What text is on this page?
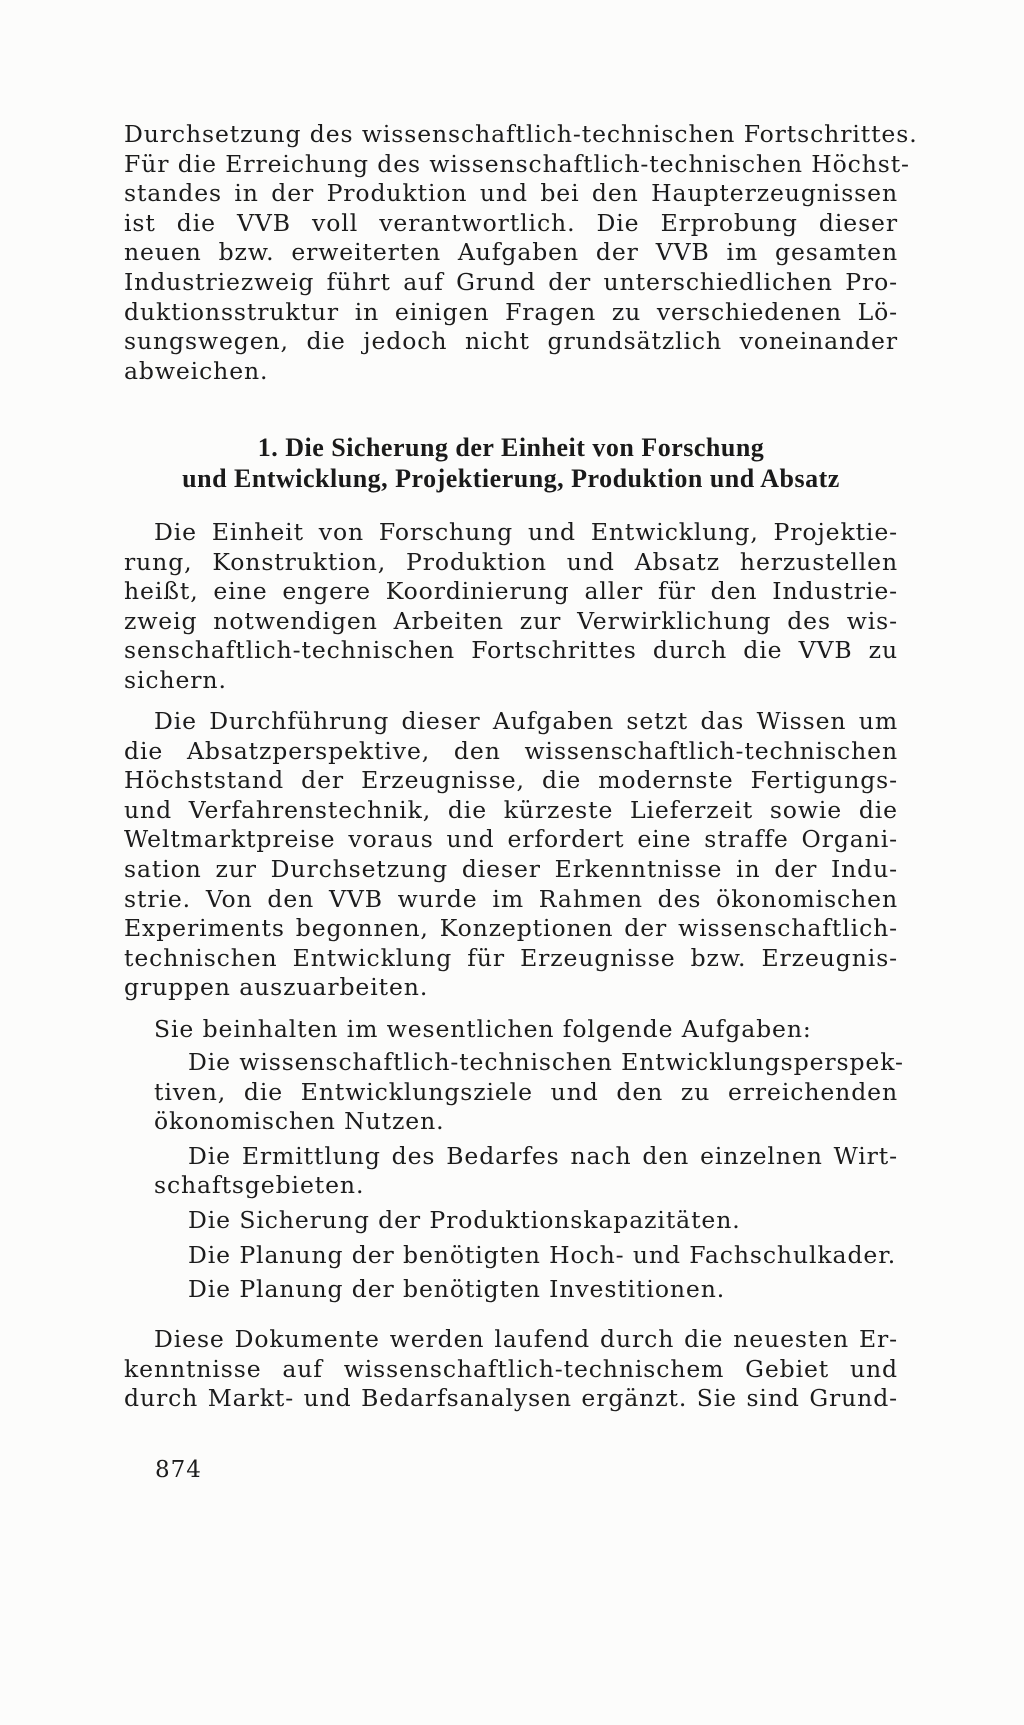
Durchsetzung des wissenschaftlich-technischen Fortschrittes.
Für die Erreichung des wissenschaftlich-technischen Höchst-
standes in der Produktion und bei den Haupterzeugnissen
ist die VVB voll verantwortlich. Die Erprobung dieser
neuen bzw. erweiterten Aufgaben der VVB im gesamten
Industriezweig führt auf Grund der unterschiedlichen Pro-
duktionsstruktur in einigen Fragen zu verschiedenen Lö-
sungswegen, die jedoch nicht grundsätzlich voneinander
abweichen.
1. Die Sicherung der Einheit von Forschung
und Entwicklung, Projektierung, Produktion und Absatz
Die Einheit von Forschung und Entwicklung, Projektie-
rung, Konstruktion, Produktion und Absatz herzustellen
heißt, eine engere Koordinierung aller für den Industrie-
zweig notwendigen Arbeiten zur Verwirklichung des wis-
senschaftlich-technischen Fortschrittes durch die VVB zu
sichern.
Die Durchführung dieser Aufgaben setzt das Wissen um
die Absatzperspektive, den wissenschaftlich-technischen
Höchststand der Erzeugnisse, die modernste Fertigungs-
und Verfahrenstechnik, die kürzeste Lieferzeit sowie die
Weltmarktpreise voraus und erfordert eine straffe Organi-
sation zur Durchsetzung dieser Erkenntnisse in der Indu-
strie. Von den VVB wurde im Rahmen des ökonomischen
Experiments begonnen, Konzeptionen der wissenschaftlich-
technischen Entwicklung für Erzeugnisse bzw. Erzeugnis-
gruppen auszuarbeiten.
Sie beinhalten im wesentlichen folgende Aufgaben:
Die wissenschaftlich-technischen Entwicklungsperspek-
tiven, die Entwicklungsziele und den zu erreichenden
ökonomischen Nutzen.
Die Ermittlung des Bedarfes nach den einzelnen Wirt-
schaftsgebieten.
Die Sicherung der Produktionskapazitäten.
Die Planung der benötigten Hoch- und Fachschulkader.
Die Planung der benötigten Investitionen.
Diese Dokumente werden laufend durch die neuesten Er-
kenntnisse auf wissenschaftlich-technischem Gebiet und
durch Markt- und Bedarfsanalysen ergänzt. Sie sind Grund-
874
